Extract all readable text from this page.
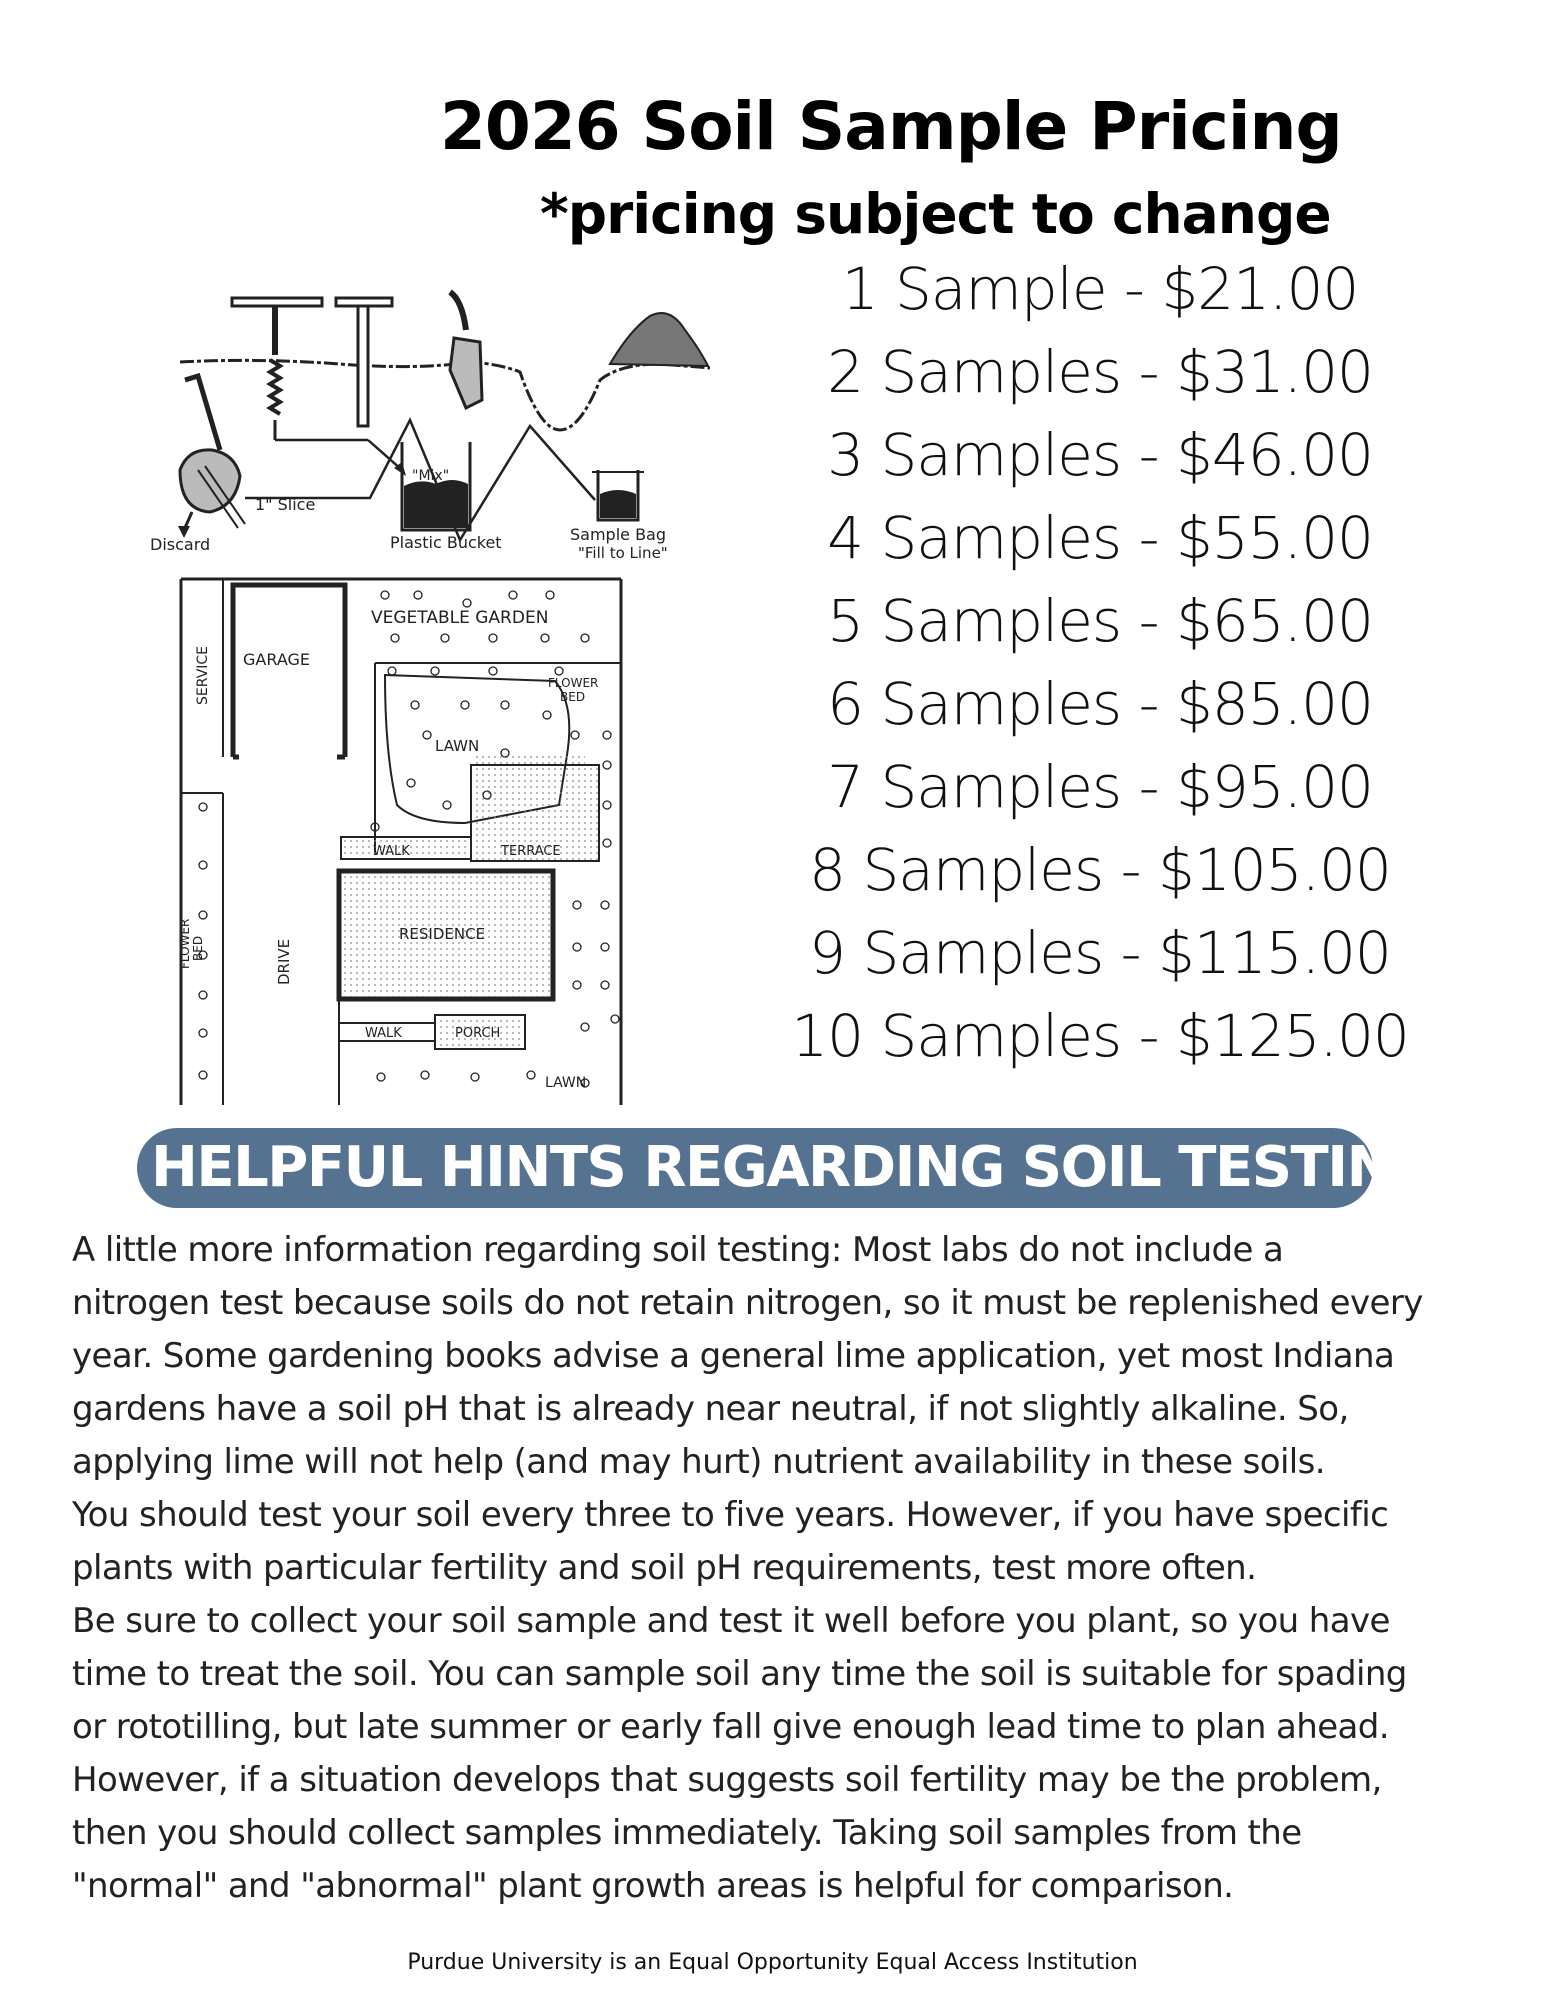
2026 Soil Sample Pricing
*pricing subject to change
1 Sample - $21.00
2 Samples - $31.00
3 Samples - $46.00
4 Samples - $55.00
5 Samples - $65.00
6 Samples - $85.00
7 Samples - $95.00
8 Samples - $105.00
9 Samples - $115.00
10 Samples - $125.00
Discard
1" Slice
"Mix"
Plastic Bucket	Sample Bag
"Fill to Line"
VEGETABLE GARDEN
GARAGE
SERVICE	FLOWER
BED
LAWN
TERRACE
WALK
RESIDENCE
FLOWER BED	DRIVE
WALK	PORCH
LAWN
HELPFUL HINTS REGARDING SOIL TESTING

A little more information regarding soil testing: Most labs do not include a

nitrogen test because soils do not retain nitrogen, so it must be replenished every

year. Some gardening books advise a general lime application, yet most Indiana

gardens have a soil pH that is already near neutral, if not slightly alkaline. So,

applying lime will not help (and may hurt) nutrient availability in these soils.

You should test your soil every three to five years. However, if you have specific

plants with particular fertility and soil pH requirements, test more often.

Be sure to collect your soil sample and test it well before you plant, so you have

time to treat the soil. You can sample soil any time the soil is suitable for spading

or rototilling, but late summer or early fall give enough lead time to plan ahead.

However, if a situation develops that suggests soil fertility may be the problem,

then you should collect samples immediately. Taking soil samples from the

"normal" and "abnormal" plant growth areas is helpful for comparison.

Purdue University is an Equal Opportunity Equal Access Institution
